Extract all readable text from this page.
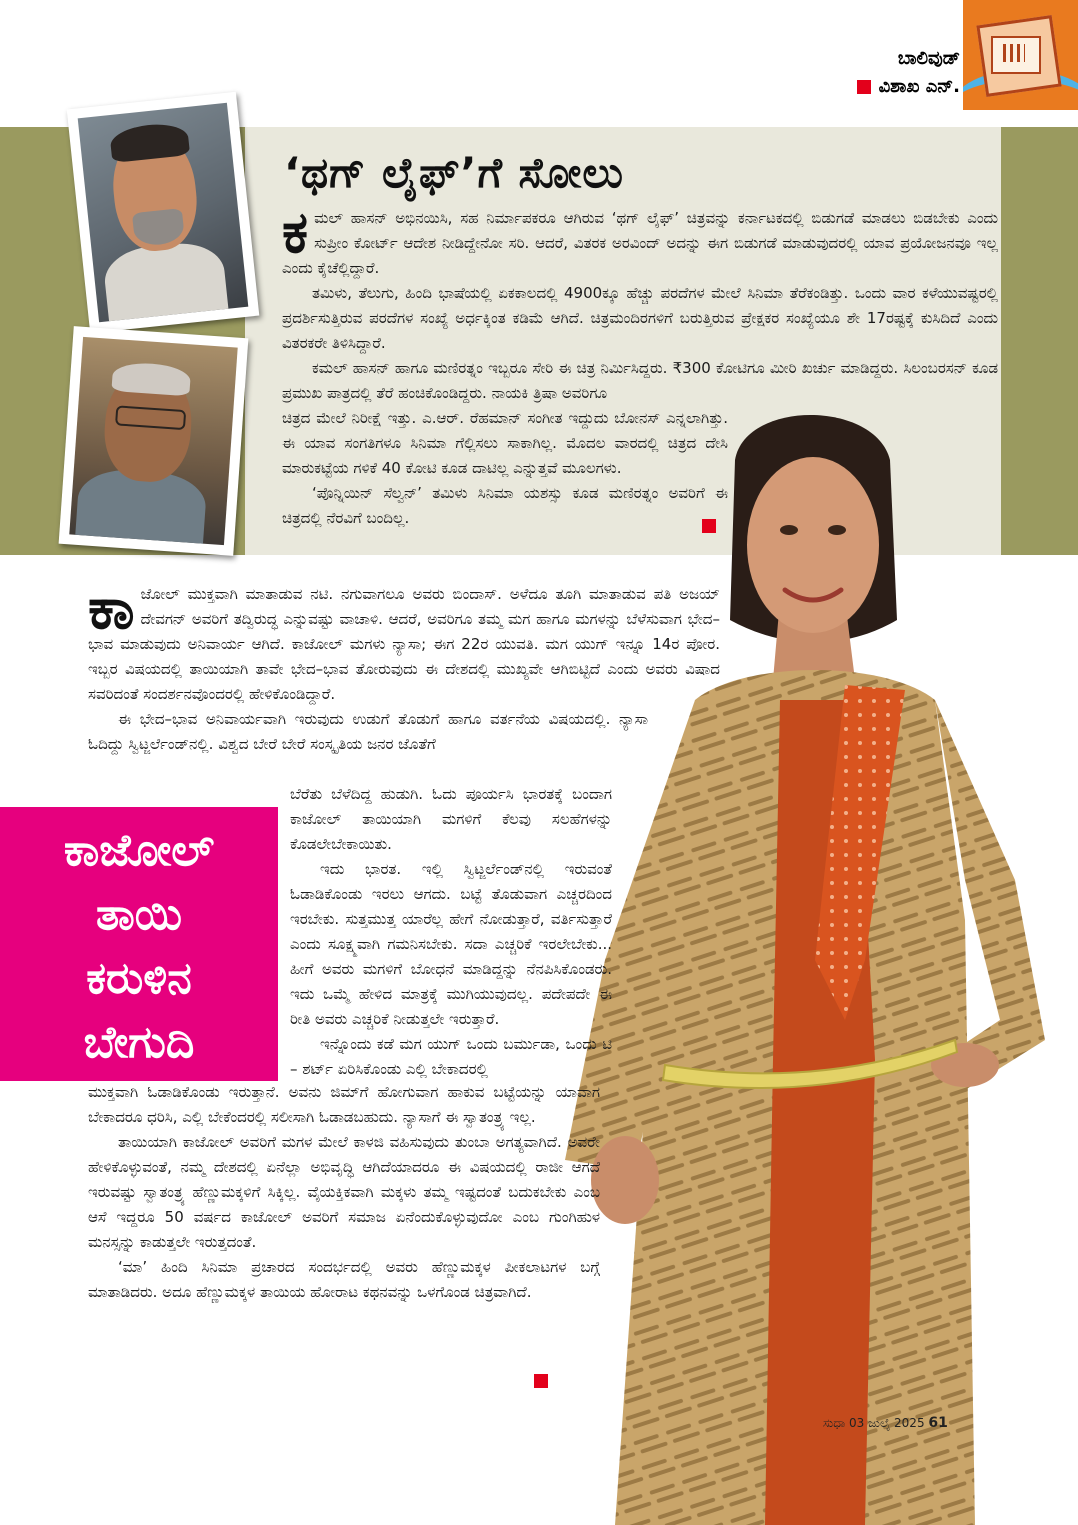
ಬಾಲಿವುಡ್
ವಿಶಾಖ ಎನ್.
‘ಥಗ್ ಲೈಫ್’ಗೆ ಸೋಲು

ಕಮಲ್ ಹಾಸನ್ ಅಭಿನಯಿಸಿ, ಸಹ ನಿರ್ಮಾಪಕರೂ ಆಗಿರುವ ‘ಥಗ್ ಲೈಫ್’ ಚಿತ್ರವನ್ನು ಕರ್ನಾಟಕದಲ್ಲಿ ಬಿಡುಗಡೆ ಮಾಡಲು ಬಿಡಬೇಕು ಎಂದು ಸುಪ್ರೀಂ ಕೋರ್ಟ್ ಆದೇಶ ನೀಡಿದ್ದೇನೋ ಸರಿ. ಆದರೆ, ವಿತರಕ ಅರವಿಂದ್ ಅದನ್ನು ಈಗ ಬಿಡುಗಡೆ ಮಾಡುವುದರಲ್ಲಿ ಯಾವ ಪ್ರಯೋಜನವೂ ಇಲ್ಲ ಎಂದು ಕೈಚೆಲ್ಲಿದ್ದಾರೆ.

ತಮಿಳು, ತೆಲುಗು, ಹಿಂದಿ ಭಾಷೆಯಲ್ಲಿ ಏಕಕಾಲದಲ್ಲಿ 4900ಕ್ಕೂ ಹೆಚ್ಚು ಪರದೆಗಳ ಮೇಲೆ ಸಿನಿಮಾ ತೆರೆಕಂಡಿತ್ತು. ಒಂದು ವಾರ ಕಳೆಯುವಷ್ಟರಲ್ಲಿ ಪ್ರದರ್ಶಿಸುತ್ತಿರುವ ಪರದೆಗಳ ಸಂಖ್ಯೆ ಅರ್ಧಕ್ಕಿಂತ ಕಡಿಮೆ ಆಗಿದೆ. ಚಿತ್ರಮಂದಿರಗಳಿಗೆ ಬರುತ್ತಿರುವ ಪ್ರೇಕ್ಷಕರ ಸಂಖ್ಯೆಯೂ ಶೇ 17ರಷ್ಟಕ್ಕೆ ಕುಸಿದಿದೆ ಎಂದು ವಿತರಕರೇ ತಿಳಿಸಿದ್ದಾರೆ.

ಕಮಲ್ ಹಾಸನ್ ಹಾಗೂ ಮಣಿರತ್ನಂ ಇಬ್ಬರೂ ಸೇರಿ ಈ ಚಿತ್ರ ನಿರ್ಮಿಸಿದ್ದರು. ₹300 ಕೋಟಿಗೂ ಮೀರಿ ಖರ್ಚು ಮಾಡಿದ್ದರು. ಸಿಲಂಬರಸನ್ ಕೂಡ ಪ್ರಮುಖ ಪಾತ್ರದಲ್ಲಿ ತೆರೆ ಹಂಚಿಕೊಂಡಿದ್ದರು. ನಾಯಕಿ ತ್ರಿಷಾ ಅವರಿಗೂ

ಚಿತ್ರದ ಮೇಲೆ ನಿರೀಕ್ಷೆ ಇತ್ತು. ಎ.ಆರ್. ರೆಹಮಾನ್ ಸಂಗೀತ ಇದ್ದುದು ಬೋನಸ್ ಎನ್ನಲಾಗಿತ್ತು. ಈ ಯಾವ ಸಂಗತಿಗಳೂ ಸಿನಿಮಾ ಗೆಲ್ಲಿಸಲು ಸಾಕಾಗಿಲ್ಲ. ಮೊದಲ ವಾರದಲ್ಲಿ ಚಿತ್ರದ ದೇಸಿ ಮಾರುಕಟ್ಟೆಯ ಗಳಿಕೆ 40 ಕೋಟಿ ಕೂಡ ದಾಟಿಲ್ಲ ಎನ್ನುತ್ತವೆ ಮೂಲಗಳು.

‘ಪೊನ್ನಿಯಿನ್ ಸೆಲ್ವನ್’ ತಮಿಳು ಸಿನಿಮಾ ಯಶಸ್ಸು ಕೂಡ ಮಣಿರತ್ನಂ ಅವರಿಗೆ ಈ ಚಿತ್ರದಲ್ಲಿ ನೆರವಿಗೆ ಬಂದಿಲ್ಲ.

ಕಾಜೋಲ್ ಮುಕ್ತವಾಗಿ ಮಾತಾಡುವ ನಟಿ. ನಗುವಾಗಲೂ ಅವರು ಬಿಂದಾಸ್. ಅಳೆದೂ ತೂಗಿ ಮಾತಾಡುವ ಪತಿ ಅಜಯ್ ದೇವಗನ್ ಅವರಿಗೆ ತದ್ವಿರುದ್ಧ ಎನ್ನುವಷ್ಟು ವಾಚಾಳಿ. ಆದರೆ, ಅವರಿಗೂ ತಮ್ಮ ಮಗ ಹಾಗೂ ಮಗಳನ್ನು ಬೆಳೆಸುವಾಗ ಭೇದ–ಭಾವ ಮಾಡುವುದು ಅನಿವಾರ್ಯ ಆಗಿದೆ. ಕಾಜೋಲ್ ಮಗಳು ನ್ಯಾಸಾ; ಈಗ 22ರ ಯುವತಿ. ಮಗ ಯುಗ್ ಇನ್ನೂ 14ರ ಪೋರ. ಇಬ್ಬರ ವಿಷಯದಲ್ಲಿ ತಾಯಿಯಾಗಿ ತಾವೇ ಭೇದ–ಭಾವ ತೋರುವುದು ಈ ದೇಶದಲ್ಲಿ ಮುಖ್ಯವೇ ಆಗಿಬಿಟ್ಟಿದೆ ಎಂದು ಅವರು ವಿಷಾದ ಸವರಿದಂತೆ ಸಂದರ್ಶನವೊಂದರಲ್ಲಿ ಹೇಳಿಕೊಂಡಿದ್ದಾರೆ.

ಈ ಭೇದ–ಭಾವ ಅನಿವಾರ್ಯವಾಗಿ ಇರುವುದು ಉಡುಗೆ ತೊಡುಗೆ ಹಾಗೂ ವರ್ತನೆಯ ವಿಷಯದಲ್ಲಿ. ನ್ಯಾಸಾ ಓದಿದ್ದು ಸ್ವಿಟ್ಜರ್ಲೆಂಡ್‌ನಲ್ಲಿ. ವಿಶ್ವದ ಬೇರೆ ಬೇರೆ ಸಂಸ್ಕೃತಿಯ ಜನರ ಜೊತೆಗೆ

ಕಾಜೋಲ್
ತಾಯಿ
ಕರುಳಿನ
ಬೇಗುದಿ

ಬೆರೆತು ಬೆಳೆದಿದ್ದ ಹುಡುಗಿ. ಓದು ಪೂರ್ಯಸಿ ಭಾರತಕ್ಕೆ ಬಂದಾಗ ಕಾಜೋಲ್ ತಾಯಿಯಾಗಿ ಮಗಳಿಗೆ ಕೆಲವು ಸಲಹೆಗಳನ್ನು ಕೊಡಲೇಬೇಕಾಯಿತು.

ಇದು ಭಾರತ. ಇಲ್ಲಿ ಸ್ವಿಟ್ಜರ್ಲೆಂಡ್‌ನಲ್ಲಿ ಇರುವಂತೆ ಓಡಾಡಿಕೊಂಡು ಇರಲು ಆಗದು. ಬಟ್ಟೆ ತೊಡುವಾಗ ಎಚ್ಚರದಿಂದ ಇರಬೇಕು. ಸುತ್ತಮುತ್ತ ಯಾರೆಲ್ಲ ಹೇಗೆ ನೋಡುತ್ತಾರೆ, ವರ್ತಿಸುತ್ತಾರೆ ಎಂದು ಸೂಕ್ಷ್ಮವಾಗಿ ಗಮನಿಸಬೇಕು. ಸದಾ ಎಚ್ಚರಿಕೆ ಇರಲೇಬೇಕು... ಹೀಗೆ ಅವರು ಮಗಳಿಗೆ ಬೋಧನೆ ಮಾಡಿದ್ದನ್ನು ನೆನಪಿಸಿಕೊಂಡರು. ಇದು ಒಮ್ಮೆ ಹೇಳಿದ ಮಾತ್ರಕ್ಕೆ ಮುಗಿಯುವುದಲ್ಲ. ಪದೇಪದೇ ಈ ರೀತಿ ಅವರು ಎಚ್ಚರಿಕೆ ನೀಡುತ್ತಲೇ ಇರುತ್ತಾರೆ.

ಇನ್ನೊಂದು ಕಡೆ ಮಗ ಯುಗ್ ಒಂದು ಬರ್ಮುಡಾ, ಒಂದು ಟಿ – ಶರ್ಟ್ ಏರಿಸಿಕೊಂಡು ಎಲ್ಲಿ ಬೇಕಾದರಲ್ಲಿ

ಮುಕ್ತವಾಗಿ ಓಡಾಡಿಕೊಂಡು ಇರುತ್ತಾನೆ. ಅವನು ಜಿಮ್‌ಗೆ ಹೋಗುವಾಗ ಹಾಕುವ ಬಟ್ಟೆಯನ್ನು ಯಾವಾಗ ಬೇಕಾದರೂ ಧರಿಸಿ, ಎಲ್ಲಿ ಬೇಕೆಂದರಲ್ಲಿ ಸಲೀಸಾಗಿ ಓಡಾಡಬಹುದು. ನ್ಯಾಸಾಗೆ ಈ ಸ್ವಾತಂತ್ರ್ಯ ಇಲ್ಲ.

ತಾಯಿಯಾಗಿ ಕಾಜೋಲ್ ಅವರಿಗೆ ಮಗಳ ಮೇಲೆ ಕಾಳಜಿ ವಹಿಸುವುದು ತುಂಬಾ ಅಗತ್ಯವಾಗಿದೆ. ಅವರೇ ಹೇಳಿಕೊಳ್ಳುವಂತೆ, ನಮ್ಮ ದೇಶದಲ್ಲಿ ಏನೆಲ್ಲಾ ಅಭಿವೃದ್ಧಿ ಆಗಿದೆಯಾದರೂ ಈ ವಿಷಯದಲ್ಲಿ ರಾಜೀ ಆಗದೆ ಇರುವಷ್ಟು ಸ್ವಾತಂತ್ರ್ಯ ಹೆಣ್ಣುಮಕ್ಕಳಿಗೆ ಸಿಕ್ಕಿಲ್ಲ. ವೈಯಕ್ತಿಕವಾಗಿ ಮಕ್ಕಳು ತಮ್ಮ ಇಷ್ಟದಂತೆ ಬದುಕಬೇಕು ಎಂಬ ಆಸೆ ಇದ್ದರೂ 50 ವರ್ಷದ ಕಾಜೋಲ್ ಅವರಿಗೆ ಸಮಾಜ ಏನೆಂದುಕೊಳ್ಳುವುದೋ ಎಂಬ ಗುಂಗಿಹುಳ ಮನಸ್ಸನ್ನು ಕಾಡುತ್ತಲೇ ಇರುತ್ತದಂತೆ.

‘ಮಾ’ ಹಿಂದಿ ಸಿನಿಮಾ ಪ್ರಚಾರದ ಸಂದರ್ಭದಲ್ಲಿ ಅವರು ಹೆಣ್ಣುಮಕ್ಕಳ ಪೀಕಲಾಟಗಳ ಬಗ್ಗೆ ಮಾತಾಡಿದರು. ಅದೂ ಹೆಣ್ಣುಮಕ್ಕಳ ತಾಯಿಯ ಹೋರಾಟ ಕಥನವನ್ನು ಒಳಗೊಂಡ ಚಿತ್ರವಾಗಿದೆ.

ಸುಧಾ 03 ಜುಲೈ 2025 61
